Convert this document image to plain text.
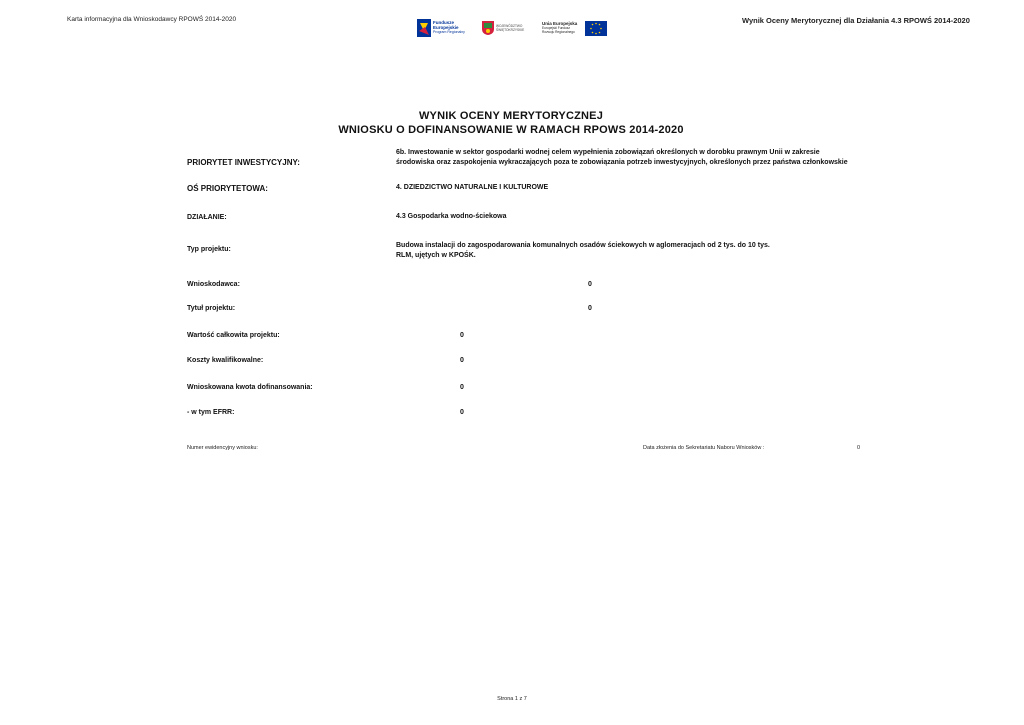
Karta informacyjna dla Wnioskodawcy RPOWŚ 2014-2020	Wynik Oceny Merytorycznej dla Działania 4.3 RPOWŚ 2014-2020
Fundusze
Europejskie
Program Regionalny
WOJEWÓDZTWO
ŚWIĘTOKRZYSKIE
Unia Europejska
Europejski Fundusz
Rozwoju Regionalnego
WYNIK OCENY MERYTORYCZNEJ
WNIOSKU O DOFINANSOWANIE W RAMACH RPOWS 2014-2020
PRIORYTET INWESTYCYJNY:
6b. Inwestowanie w sektor gospodarki wodnej celem wypełnienia zobowiązań określonych w dorobku prawnym Unii w zakresie środowiska oraz zaspokojenia wykraczających poza te zobowiązania potrzeb inwestycyjnych, określonych przez państwa członkowskie
OŚ PRIORYTETOWA:	4. DZIEDZICTWO NATURALNE I KULTUROWE
DZIAŁANIE:	4.3 Gospodarka wodno-ściekowa
Typ projektu:
Budowa instalacji do zagospodarowania komunalnych osadów ściekowych w aglomeracjach od 2 tys. do 10 tys. RLM, ujętych w KPOŚK.
Wnioskodawca:	0
Tytuł projektu:	0
Wartość całkowita projektu:	0
Koszty kwalifikowalne:	0
Wnioskowana kwota dofinansowania:	0
- w tym EFRR:	0
Numer ewidencyjny wniosku:	Data złożenia do Sekretariatu Naboru Wniosków :	0
Strona 1 z 7
